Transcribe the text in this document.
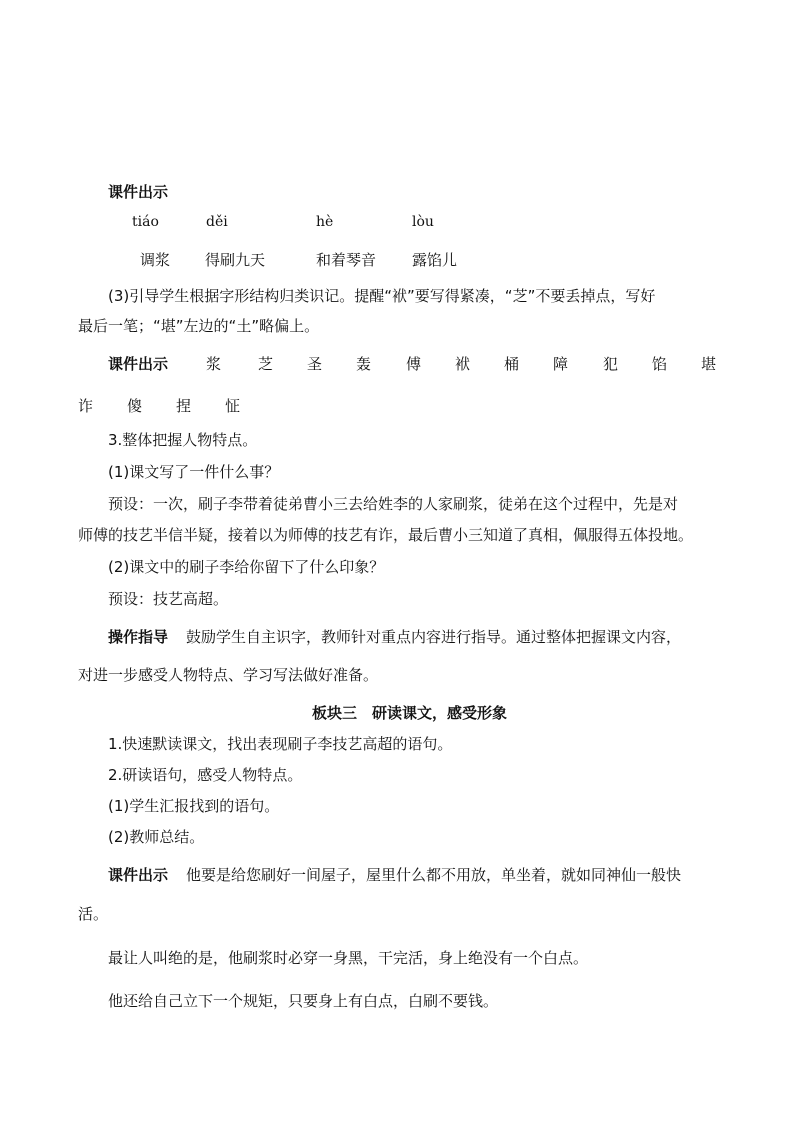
课件出示
tiáo	děi	hè	lòu
调浆 得刷九天	和着琴音 露馅儿
(3)引导学生根据字形结构归类识记。提醒“袱”要写得紧凑，“芝”不要丢掉点，写好
最后一笔；“堪”左边的“土”略偏上。
课件出示	浆 芝 圣 轰 傅 袱 桶 障 犯 馅 堪
诈 傻 捏 怔
3.整体把握人物特点。
(1)课文写了一件什么事？
预设：一次，刷子李带着徒弟曹小三去给姓李的人家刷浆，徒弟在这个过程中，先是对
师傅的技艺半信半疑，接着以为师傅的技艺有诈，最后曹小三知道了真相，佩服得五体投地。
(2)课文中的刷子李给你留下了什么印象？
预设：技艺高超。
操作指导 鼓励学生自主识字，教师针对重点内容进行指导。通过整体把握课文内容，
对进一步感受人物特点、学习写法做好准备。
板块三　研读课文，感受形象
1.快速默读课文，找出表现刷子李技艺高超的语句。
2.研读语句，感受人物特点。
(1)学生汇报找到的语句。
(2)教师总结。
课件出示 他要是给您刷好一间屋子，屋里什么都不用放，单坐着，就如同神仙一般快
活。
最让人叫绝的是，他刷浆时必穿一身黑，干完活，身上绝没有一个白点。
他还给自己立下一个规矩，只要身上有白点，白刷不要钱。
